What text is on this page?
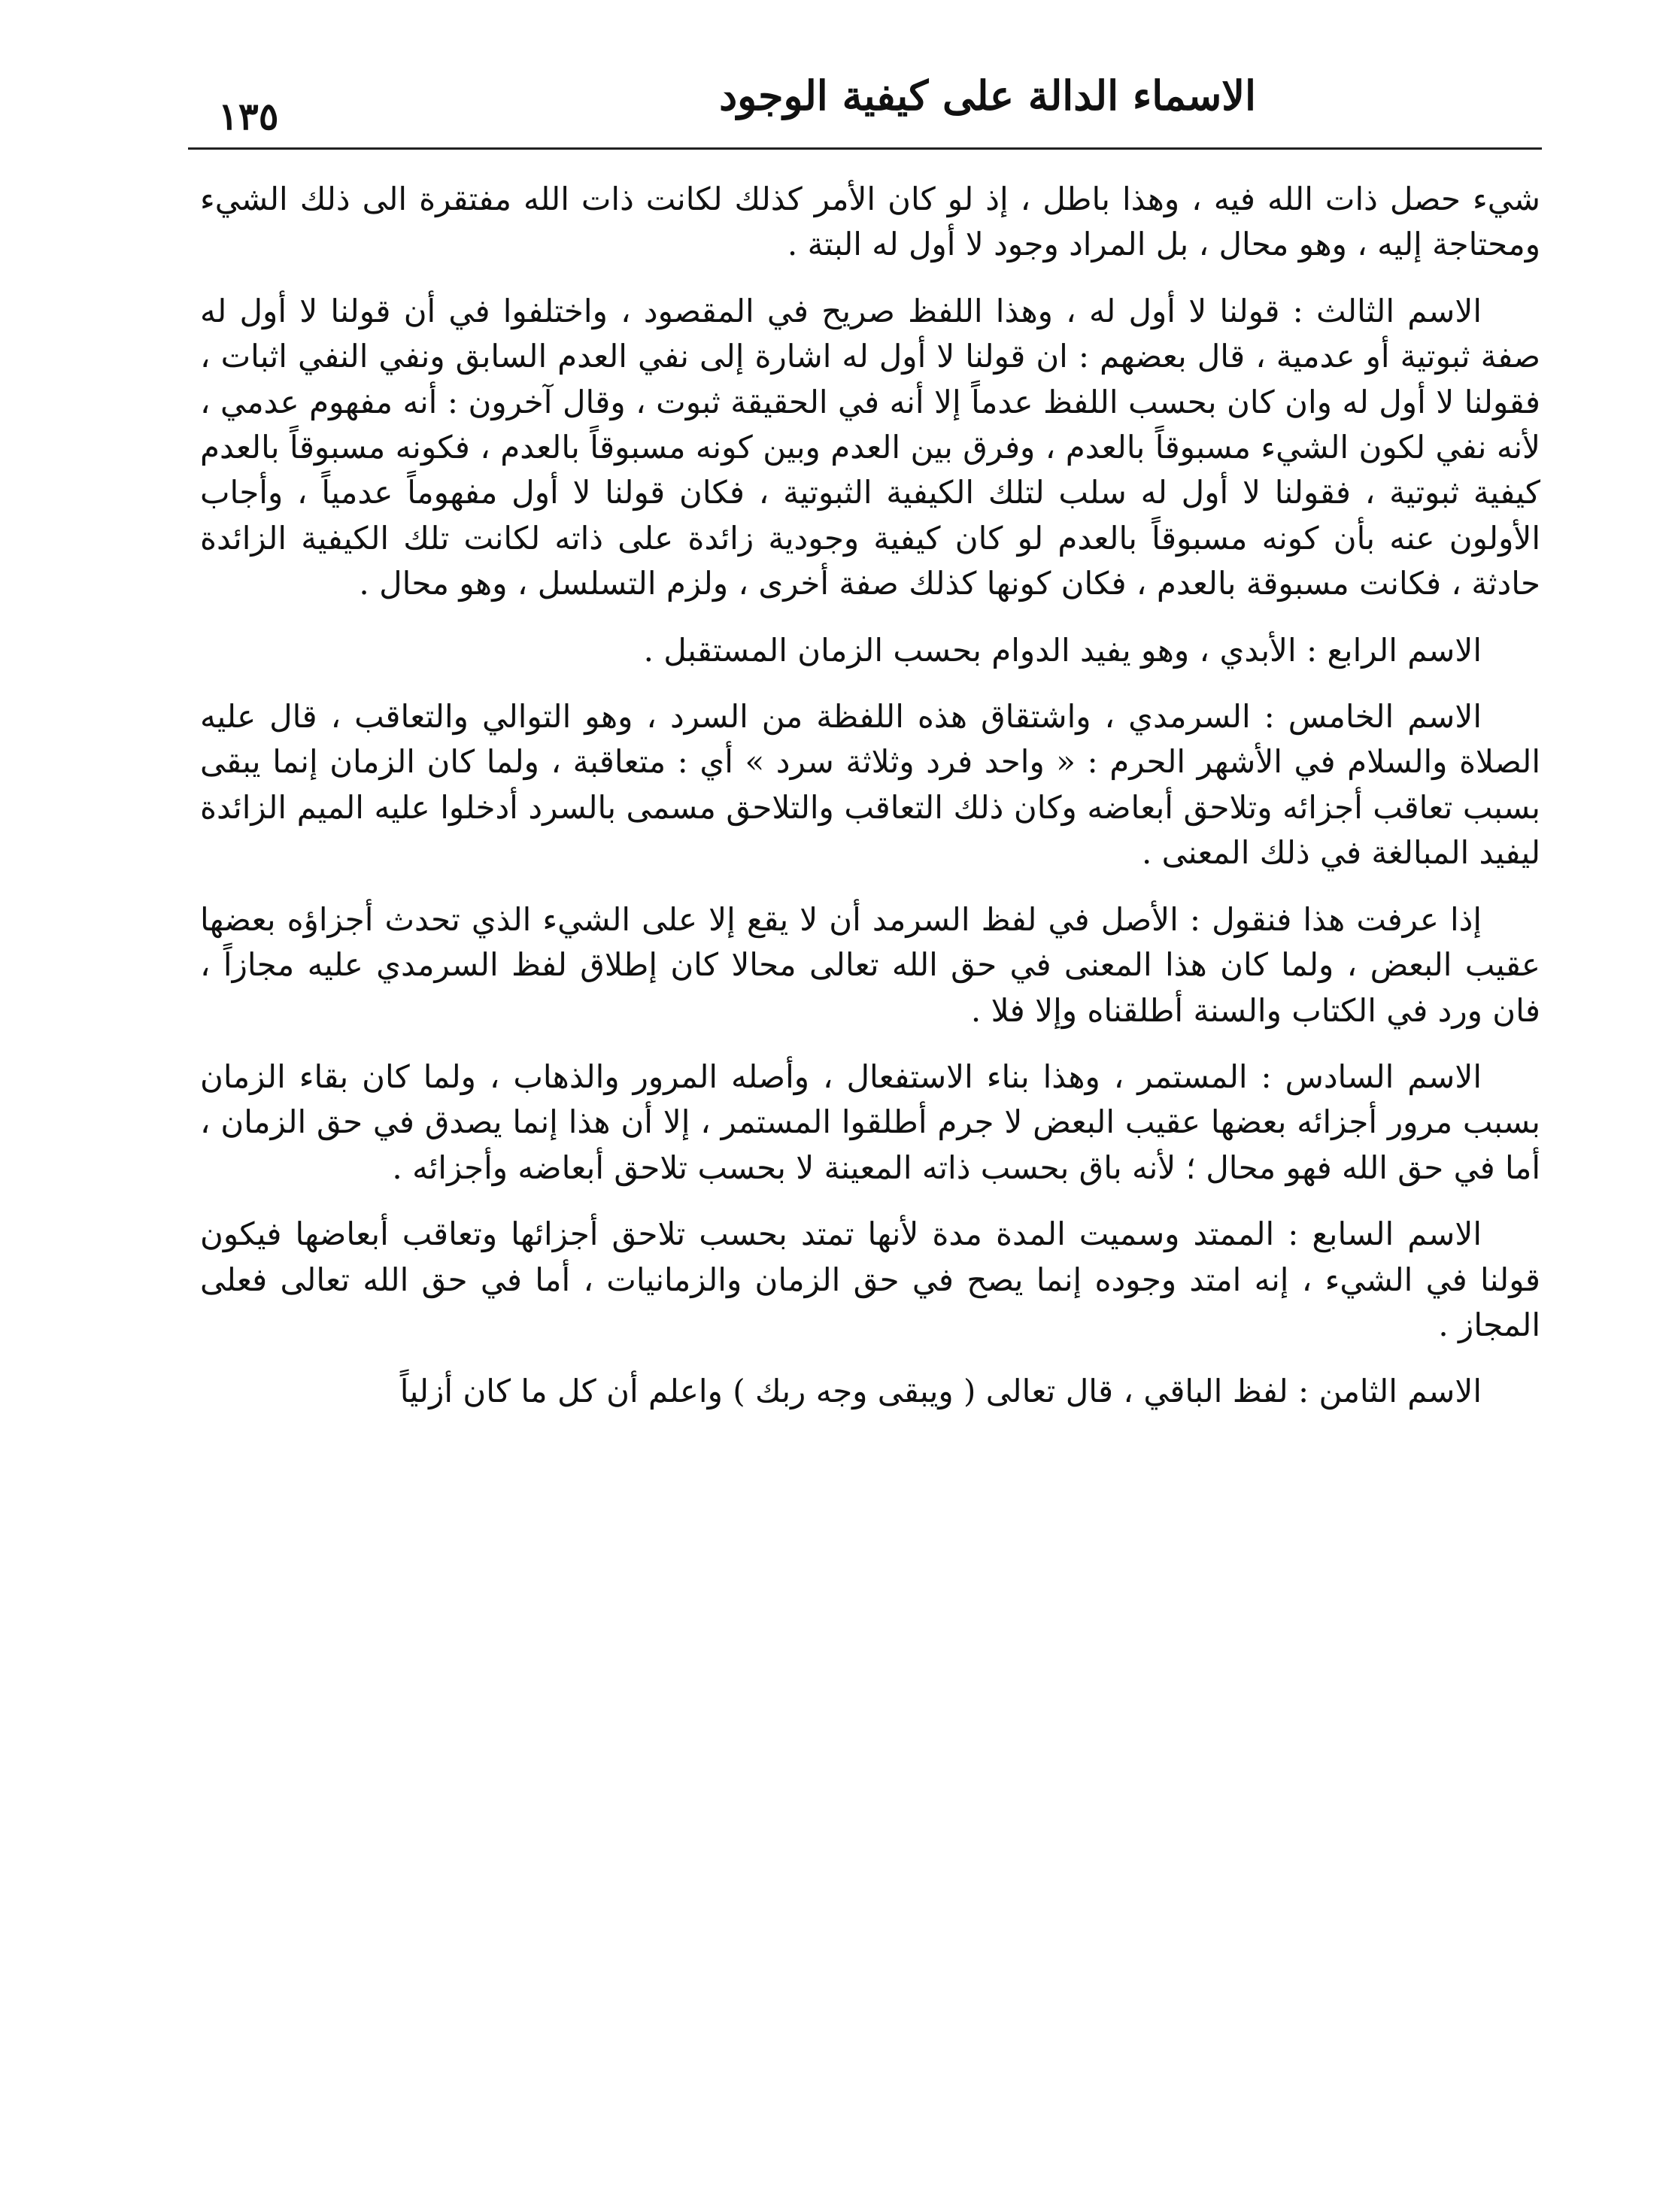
الاسماء الدالة على كيفية الوجود
١٣٥

شيء حصل ذات الله فيه ، وهذا باطل ، إذ لو كان الأمر كذلك لكانت ذات الله مفتقرة الى ذلك الشيء ومحتاجة إليه ، وهو محال ، بل المراد وجود لا أول له البتة .

الاسم الثالث : قولنا لا أول له ، وهذا اللفظ صريح في المقصود ، واختلفوا في أن قولنا لا أول له صفة ثبوتية أو عدمية ، قال بعضهم : ان قولنا لا أول له اشارة إلى نفي العدم السابق ونفي النفي اثبات ، فقولنا لا أول له وان كان بحسب اللفظ عدماً إلا أنه في الحقيقة ثبوت ، وقال آخرون : أنه مفهوم عدمي ، لأنه نفي لكون الشيء مسبوقاً بالعدم ، وفرق بين العدم وبين كونه مسبوقاً بالعدم ، فكونه مسبوقاً بالعدم كيفية ثبوتية ، فقولنا لا أول له سلب لتلك الكيفية الثبوتية ، فكان قولنا لا أول مفهوماً عدمياً ، وأجاب الأولون عنه بأن كونه مسبوقاً بالعدم لو كان كيفية وجودية زائدة على ذاته لكانت تلك الكيفية الزائدة حادثة ، فكانت مسبوقة بالعدم ، فكان كونها كذلك صفة أخرى ، ولزم التسلسل ، وهو محال .

الاسم الرابع : الأبدي ، وهو يفيد الدوام بحسب الزمان المستقبل .

الاسم الخامس : السرمدي ، واشتقاق هذه اللفظة من السرد ، وهو التوالي والتعاقب ، قال عليه الصلاة والسلام في الأشهر الحرم : « واحد فرد وثلاثة سرد » أي : متعاقبة ، ولما كان الزمان إنما يبقى بسبب تعاقب أجزائه وتلاحق أبعاضه وكان ذلك التعاقب والتلاحق مسمى بالسرد أدخلوا عليه الميم الزائدة ليفيد المبالغة في ذلك المعنى .

إذا عرفت هذا فنقول : الأصل في لفظ السرمد أن لا يقع إلا على الشيء الذي تحدث أجزاؤه بعضها عقيب البعض ، ولما كان هذا المعنى في حق الله تعالى محالا كان إطلاق لفظ السرمدي عليه مجازاً ، فان ورد في الكتاب والسنة أطلقناه وإلا فلا .

الاسم السادس : المستمر ، وهذا بناء الاستفعال ، وأصله المرور والذهاب ، ولما كان بقاء الزمان بسبب مرور أجزائه بعضها عقيب البعض لا جرم أطلقوا المستمر ، إلا أن هذا إنما يصدق في حق الزمان ، أما في حق الله فهو محال ؛ لأنه باق بحسب ذاته المعينة لا بحسب تلاحق أبعاضه وأجزائه .

الاسم السابع : الممتد وسميت المدة مدة لأنها تمتد بحسب تلاحق أجزائها وتعاقب أبعاضها فيكون قولنا في الشيء ، إنه امتد وجوده إنما يصح في حق الزمان والزمانيات ، أما في حق الله تعالى فعلى المجاز .

الاسم الثامن : لفظ الباقي ، قال تعالى ( ويبقى وجه ربك ) واعلم أن كل ما كان أزلياً
